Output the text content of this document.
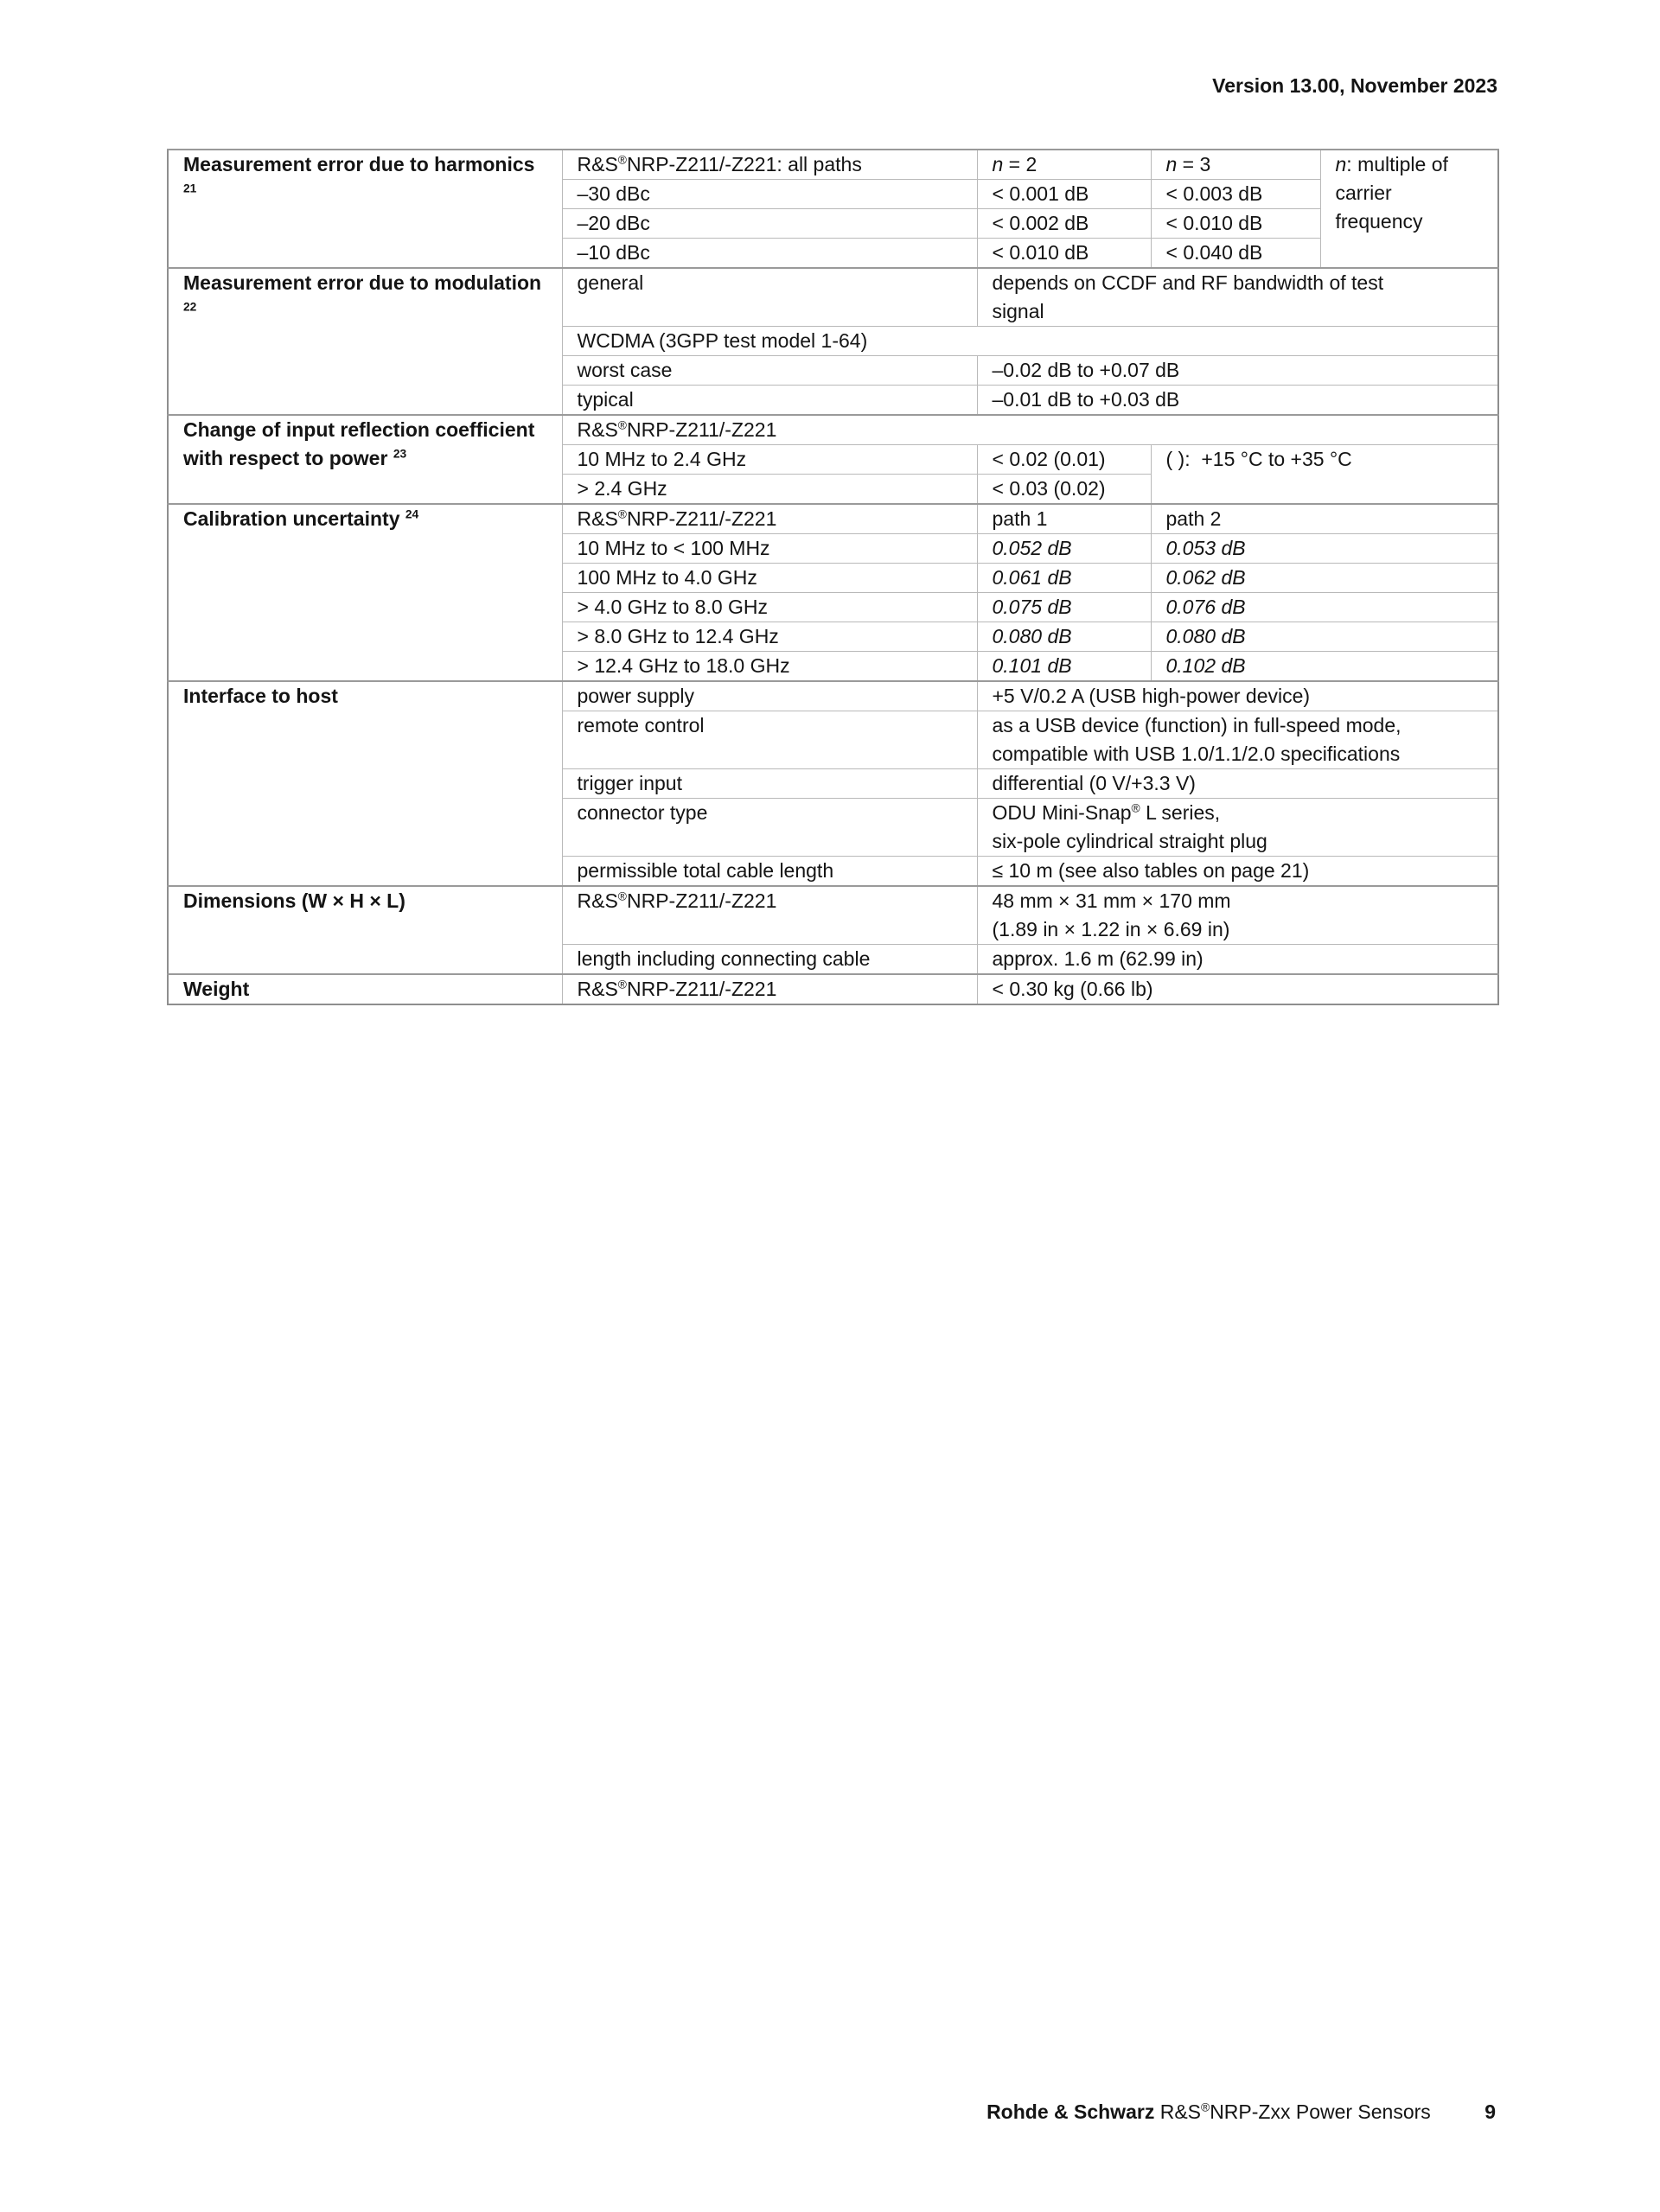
Version 13.00, November 2023
Measurement error due to harmonics $^{21}$	R&S®NRP-Z211/-Z221: all paths	n = 2	n = 3	n: multiple of carrier frequency
	–30 dBc	< 0.001 dB	< 0.003 dB	
	–20 dBc	< 0.002 dB	< 0.010 dB	
	–10 dBc	< 0.010 dB	< 0.040 dB	
Measurement error due to modulation $^{22}$	general	depends on CCDF and RF bandwidth of test
signal		
	WCDMA (3GPP test model 1-64)			
	worst case	–0.02 dB to +0.07 dB		
	typical	–0.01 dB to +0.03 dB		
Change of input reflection coefficient with respect to power $^{23}$	R&S®NRP-Z211/-Z221			
	10 MHz to 2.4 GHz	< 0.02 (0.01)	( ):  +15 °C to +35 °C	
	> 2.4 GHz	< 0.03 (0.02)		
Calibration uncertainty $^{24}$	R&S®NRP-Z211/-Z221	path 1	path 2	
	10 MHz to < 100 MHz	0.052 dB	0.053 dB	
	100 MHz to 4.0 GHz	0.061 dB	0.062 dB	
	> 4.0 GHz to 8.0 GHz	0.075 dB	0.076 dB	
	> 8.0 GHz to 12.4 GHz	0.080 dB	0.080 dB	
	> 12.4 GHz to 18.0 GHz	0.101 dB	0.102 dB	
Interface to host	power supply	+5 V/0.2 A (USB high-power device)		
	remote control	as a USB device (function) in full-speed mode,
compatible with USB 1.0/1.1/2.0 specifications		
	trigger input	differential (0 V/+3.3 V)		
	connector type	ODU Mini-Snap® L series,
six-pole cylindrical straight plug		
	permissible total cable length	≤ 10 m (see also tables on page 21)		
Dimensions (W × H × L)	R&S®NRP-Z211/-Z221	48 mm × 31 mm × 170 mm
(1.89 in × 1.22 in × 6.69 in)		
	length including connecting cable	approx. 1.6 m (62.99 in)		
Weight	R&S®NRP-Z211/-Z221	< 0.30 kg (0.66 lb)		
Rohde & Schwarz R&S®NRP-Zxx Power Sensors	9
